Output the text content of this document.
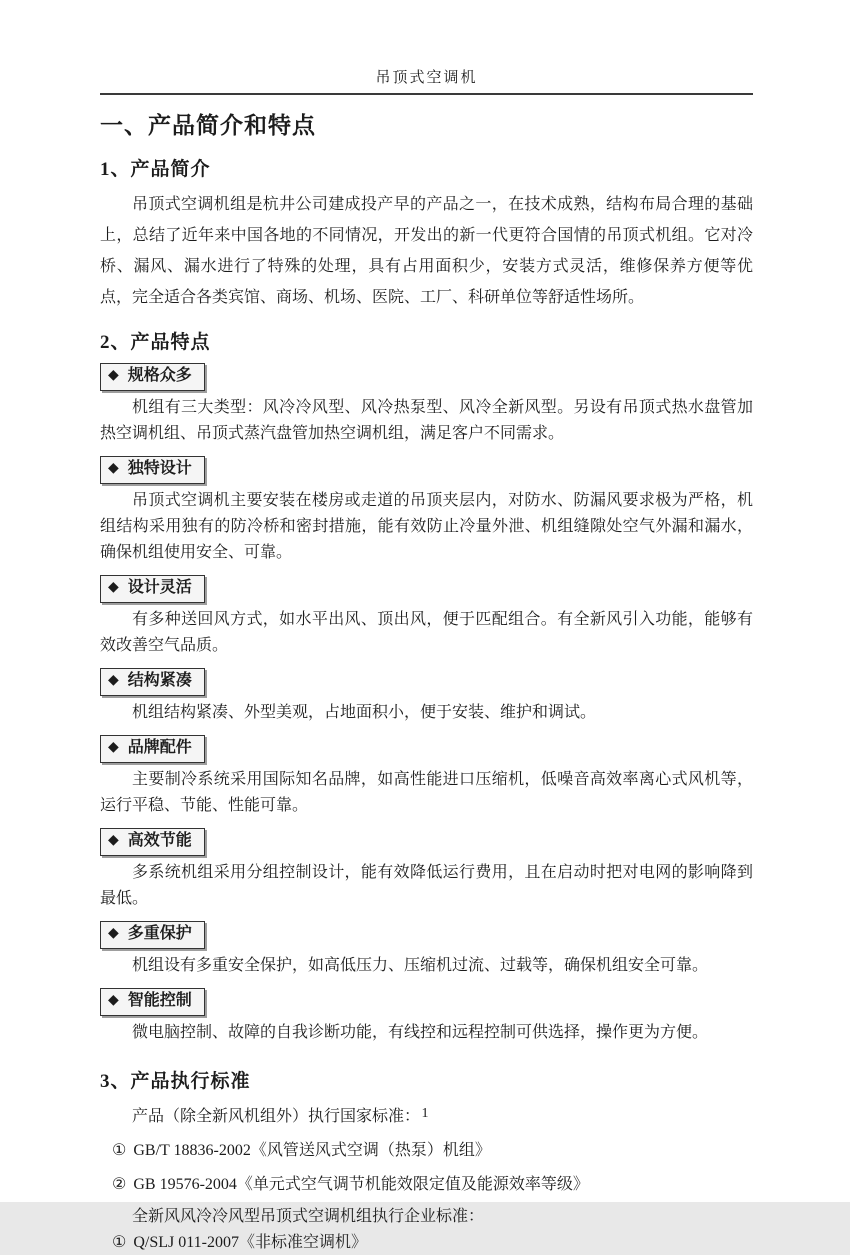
吊顶式空调机
一、产品简介和特点
1、产品简介

吊顶式空调机组是杭井公司建成投产早的产品之一，在技术成熟，结构布局合理的基础上，总结了近年来中国各地的不同情况，开发出的新一代更符合国情的吊顶式机组。它对冷桥、漏风、漏水进行了特殊的处理，具有占用面积少，安装方式灵活，维修保养方便等优点，完全适合各类宾馆、商场、机场、医院、工厂、科研单位等舒适性场所。

2、产品特点
◆ 规格众多

机组有三大类型：风冷冷风型、风冷热泵型、风冷全新风型。另设有吊顶式热水盘管加热空调机组、吊顶式蒸汽盘管加热空调机组，满足客户不同需求。

◆ 独特设计

吊顶式空调机主要安装在楼房或走道的吊顶夹层内，对防水、防漏风要求极为严格，机组结构采用独有的防冷桥和密封措施，能有效防止冷量外泄、机组缝隙处空气外漏和漏水，确保机组使用安全、可靠。

◆ 设计灵活

有多种送回风方式，如水平出风、顶出风，便于匹配组合。有全新风引入功能，能够有效改善空气品质。

◆ 结构紧凑

机组结构紧凑、外型美观，占地面积小，便于安装、维护和调试。

◆ 品牌配件

主要制冷系统采用国际知名品牌，如高性能进口压缩机，低噪音高效率离心式风机等，运行平稳、节能、性能可靠。

◆ 高效节能

多系统机组采用分组控制设计，能有效降低运行费用，且在启动时把对电网的影响降到最低。

◆ 多重保护

机组设有多重安全保护，如高低压力、压缩机过流、过载等，确保机组安全可靠。

◆ 智能控制

微电脑控制、故障的自我诊断功能，有线控和远程控制可供选择，操作更为方便。

3、产品执行标准

产品（除全新风机组外）执行国家标准：

① GB/T 18836-2002《风管送风式空调（热泵）机组》
② GB 19576-2004《单元式空气调节机能效限定值及能源效率等级》

全新风风冷冷风型吊顶式空调机组执行企业标准：

① Q/SLJ 011-2007《非标准空调机》
1
